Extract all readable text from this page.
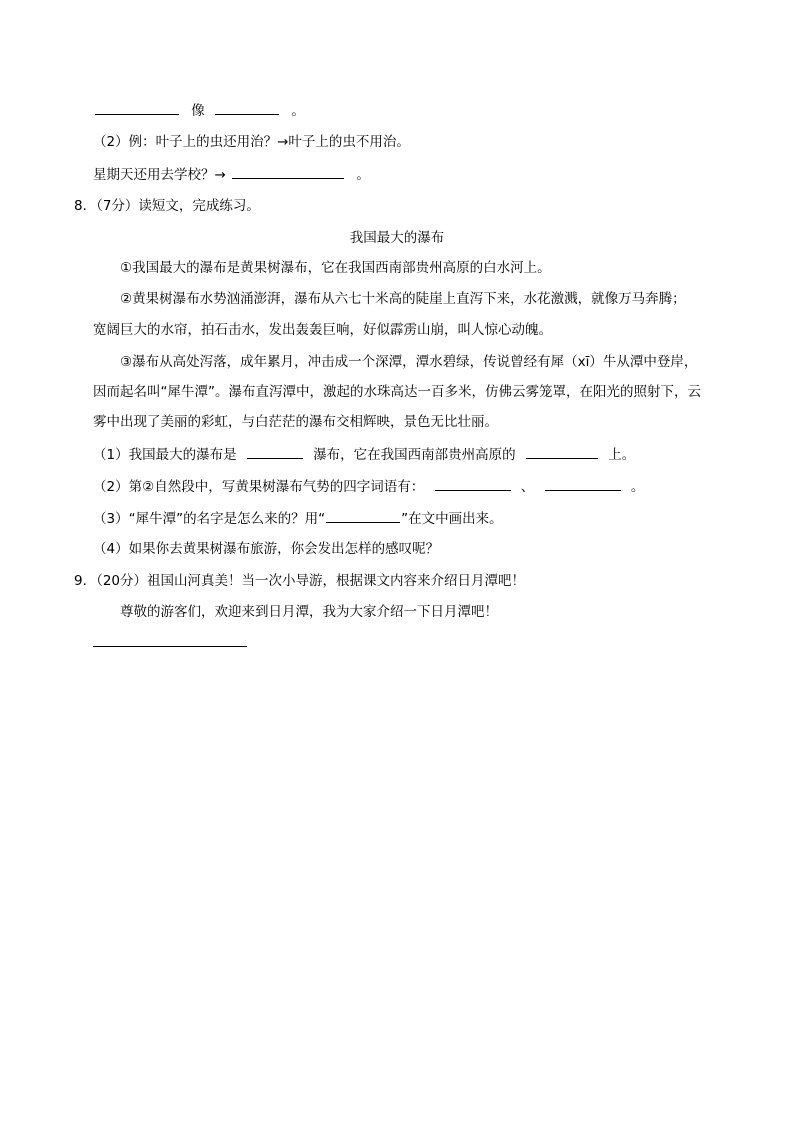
像	。
（2）例：叶子上的虫还用治？→叶子上的虫不用治。
星期天还用去学校？→	。
8．（7分）读短文，完成练习。
我国最大的瀑布
①我国最大的瀑布是黄果树瀑布，它在我国西南部贵州高原的白水河上。
②黄果树瀑布水势汹涌澎湃，瀑布从六七十米高的陡崖上直泻下来，水花激溅，就像万马奔腾；
宽阔巨大的水帘，拍石击水，发出轰轰巨响，好似霹雳山崩，叫人惊心动魄。
③瀑布从高处泻落，成年累月，冲击成一个深潭，潭水碧绿，传说曾经有犀（xī）牛从潭中登岸，
因而起名叫“犀牛潭”。瀑布直泻潭中，激起的水珠高达一百多米，仿佛云雾笼罩，在阳光的照射下，云
雾中出现了美丽的彩虹，与白茫茫的瀑布交相辉映，景色无比壮丽。
（1）我国最大的瀑布是	瀑布，它在我国西南部贵州高原的	上。
（2）第②自然段中，写黄果树瀑布气势的四字词语有：	、	。
（3）“犀牛潭”的名字是怎么来的？用“	”在文中画出来。
（4）如果你去黄果树瀑布旅游，你会发出怎样的感叹呢？
9．（20分）祖国山河真美！当一次小导游，根据课文内容来介绍日月潭吧！
尊敬的游客们，欢迎来到日月潭，我为大家介绍一下日月潭吧！
